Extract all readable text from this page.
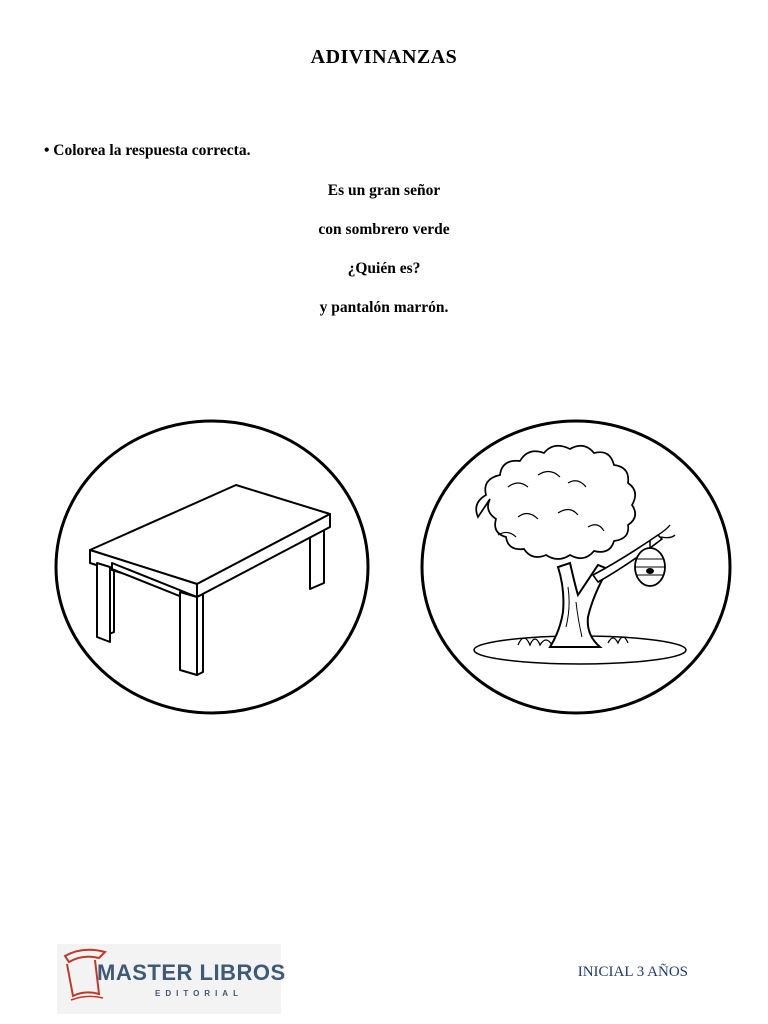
ADIVINANZAS
• Colorea la respuesta correcta.
Es un gran señor
con sombrero verde
¿Quién es?
y pantalón marrón.
MASTER LIBROS
EDITORIAL
INICIAL 3 AÑOS
